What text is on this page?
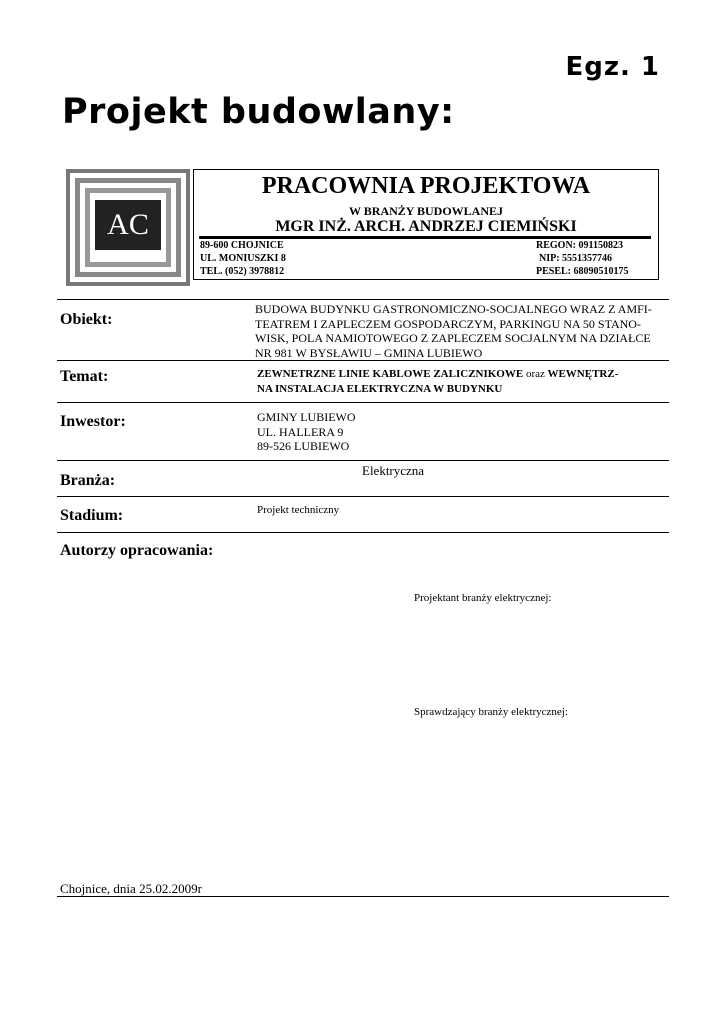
Egz. 1
Projekt budowlany:
AC
PRACOWNIA PROJEKTOWA
W BRANŻY BUDOWLANEJ
MGR INŻ. ARCH. ANDRZEJ CIEMIŃSKI
89-600 CHOJNICE
UL. MONIUSZKI 8
TEL. (052) 3978812
REGON: 091150823
NIP: 5551357746
PESEL: 68090510175
Obiekt:
BUDOWA BUDYNKU GASTRONOMICZNO-SOCJALNEGO WRAZ Z AMFI-
TEATREM I ZAPLECZEM GOSPODARCZYM, PARKINGU NA 50 STANO-
WISK, POLA NAMIOTOWEGO Z ZAPLECZEM SOCJALNYM NA DZIAŁCE
NR 981 W BYSŁAWIU – GMINA LUBIEWO
Temat:	ZEWNETRZNE LINIE KABLOWE ZALICZNIKOWE oraz WEWNĘTRZ-
NA INSTALACJA ELEKTRYCZNA W BUDYNKU
Inwestor:	GMINY LUBIEWO
UL. HALLERA 9
89-526 LUBIEWO
Elektryczna
Branża:
Projekt techniczny
Stadium:
Autorzy opracowania:
Projektant branży elektrycznej:
Sprawdzający branży elektrycznej:
Chojnice, dnia 25.02.2009r
